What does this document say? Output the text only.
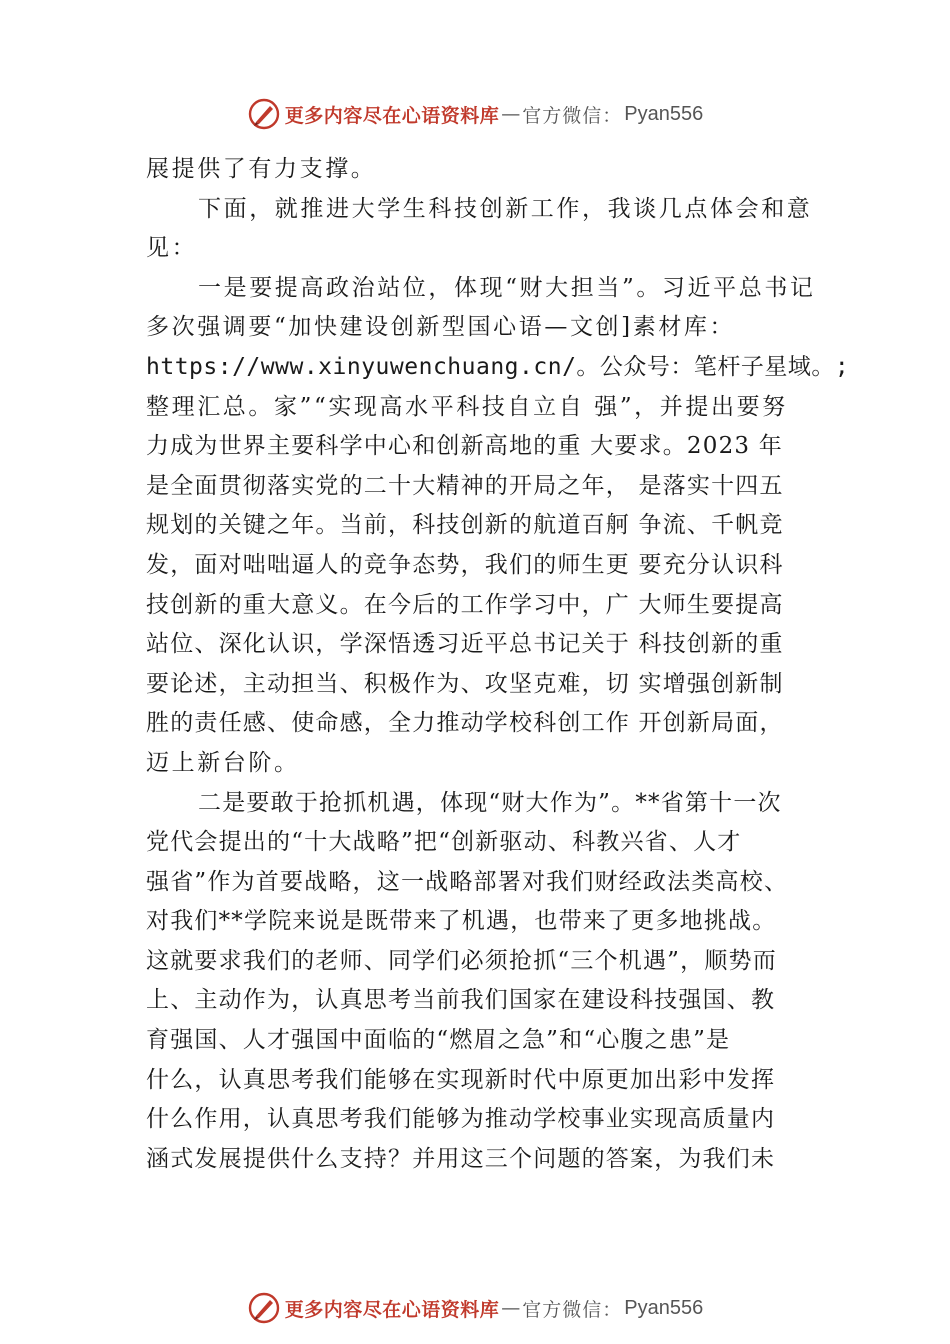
更多内容尽在心语资料库 — 官方微信： Pyan556
展提供了有力支撑。
下面，就推进大学生科技创新工作，我谈几点体会和意
见：
一是要提高政治站位，体现“财大担当”。习近平总书记
多次强调要“加快建设创新型国心语—文创]素材库：
https://www.xinyuwenchuang.cn/。公众号：笔杆子星域。;
整理汇总。家”“实现高水平科技自立自 强”，并提出要努
力成为世界主要科学中心和创新高地的重 大要求。2023 年
是全面贯彻落实党的二十大精神的开局之年， 是落实十四五
规划的关键之年。当前，科技创新的航道百舸 争流、千帆竞
发，面对咄咄逼人的竞争态势，我们的师生更 要充分认识科
技创新的重大意义。在今后的工作学习中，广 大师生要提高
站位、深化认识，学深悟透习近平总书记关于 科技创新的重
要论述，主动担当、积极作为、攻坚克难，切 实增强创新制
胜的责任感、使命感，全力推动学校科创工作 开创新局面，
迈上新台阶。
二是要敢于抢抓机遇，体现“财大作为”。**省第十一次
党代会提出的“十大战略”把“创新驱动、科教兴省、人才
强省”作为首要战略，这一战略部署对我们财经政法类高校、
对我们**学院来说是既带来了机遇，也带来了更多地挑战。
这就要求我们的老师、同学们必须抢抓“三个机遇”，顺势而
上、主动作为，认真思考当前我们国家在建设科技强国、教
育强国、人才强国中面临的“燃眉之急”和“心腹之患”是
什么，认真思考我们能够在实现新时代中原更加出彩中发挥
什么作用，认真思考我们能够为推动学校事业实现高质量内
涵式发展提供什么支持？并用这三个问题的答案，为我们未
更多内容尽在心语资料库 — 官方微信： Pyan556
